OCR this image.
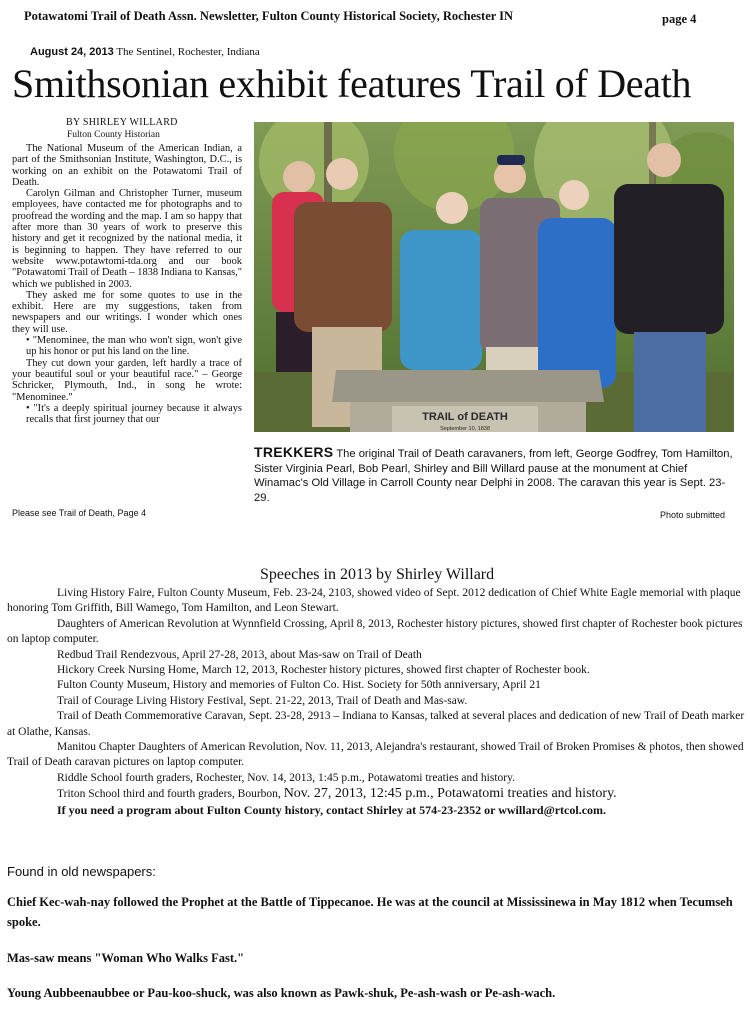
Potawatomi Trail of Death Assn. Newsletter, Fulton County Historical Society, Rochester IN	page 4
August 24, 2013 The Sentinel, Rochester, Indiana
Smithsonian exhibit features Trail of Death
BY SHIRLEY WILLARD
Fulton County Historian

The National Museum of the American Indian, a part of the Smithsonian Institute, Washington, D.C., is working on an exhibit on the Potawatomi Trail of Death.

Carolyn Gilman and Christopher Turner, museum employees, have contacted me for photographs and to proofread the wording and the map. I am so happy that after more than 30 years of work to preserve this history and get it recognized by the national media, it is beginning to happen. They have referred to our website www.potawtomi-tda.org and our book "Potawatomi Trail of Death – 1838 Indiana to Kansas," which we published in 2003.

They asked me for some quotes to use in the exhibit. Here are my suggestions, taken from newspapers and our writings. I wonder which ones they will use.

• "Menominee, the man who won't sign, won't give up his honor or put his land on the line.

They cut down your garden, left hardly a trace of your beautiful soul or your beautiful race." – George Schricker, Plymouth, Ind., in song he wrote: "Menominee."

• "It's a deeply spiritual journey because it always recalls that first journey that our

Please see Trail of Death, Page 4
TRAIL of DEATH
September 10, 1838
TREKKERS The original Trail of Death caravaners, from left, George Godfrey, Tom Hamilton, Sister Virginia Pearl, Bob Pearl, Shirley and Bill Willard pause at the monument at Chief Winamac's Old Village in Carroll County near Delphi in 2008. The caravan this year is Sept. 23-29.
Photo submitted
Speeches in 2013 by Shirley Willard

Living History Faire, Fulton County Museum, Feb. 23-24, 2103, showed video of Sept. 2012 dedication of Chief White Eagle memorial with plaque honoring Tom Griffith, Bill Wamego, Tom Hamilton, and Leon Stewart.

Daughters of American Revolution at Wynnfield Crossing, April 8, 2013, Rochester history pictures, showed first chapter of Rochester book pictures on laptop computer.

Redbud Trail Rendezvous, April 27-28, 2013, about Mas-saw on Trail of Death

Hickory Creek Nursing Home, March 12, 2013, Rochester history pictures, showed first chapter of Rochester book.

Fulton County Museum, History and memories of Fulton Co. Hist. Society for 50th anniversary, April 21

Trail of Courage Living History Festival, Sept. 21-22, 2013, Trail of Death and Mas-saw.

Trail of Death Commemorative Caravan, Sept. 23-28, 2913 – Indiana to Kansas, talked at several places and dedication of new Trail of Death marker at Olathe, Kansas.

Manitou Chapter Daughters of American Revolution, Nov. 11, 2013, Alejandra's restaurant, showed Trail of Broken Promises & photos, then showed Trail of Death caravan pictures on laptop computer.

Riddle School fourth graders, Rochester, Nov. 14, 2013, 1:45 p.m., Potawatomi treaties and history.

Triton School third and fourth graders, Bourbon, Nov. 27, 2013, 12:45 p.m., Potawatomi treaties and history.

If you need a program about Fulton County history, contact Shirley at 574-23-2352 or wwillard@rtcol.com.

Found in old newspapers:

Chief Kec-wah-nay followed the Prophet at the Battle of Tippecanoe. He was at the council at Mississinewa in May 1812 when Tecumseh spoke.

Mas-saw means "Woman Who Walks Fast."

Young Aubbeenaubbee or Pau-koo-shuck, was also known as Pawk-shuk, Pe-ash-wash or Pe-ash-wach.
